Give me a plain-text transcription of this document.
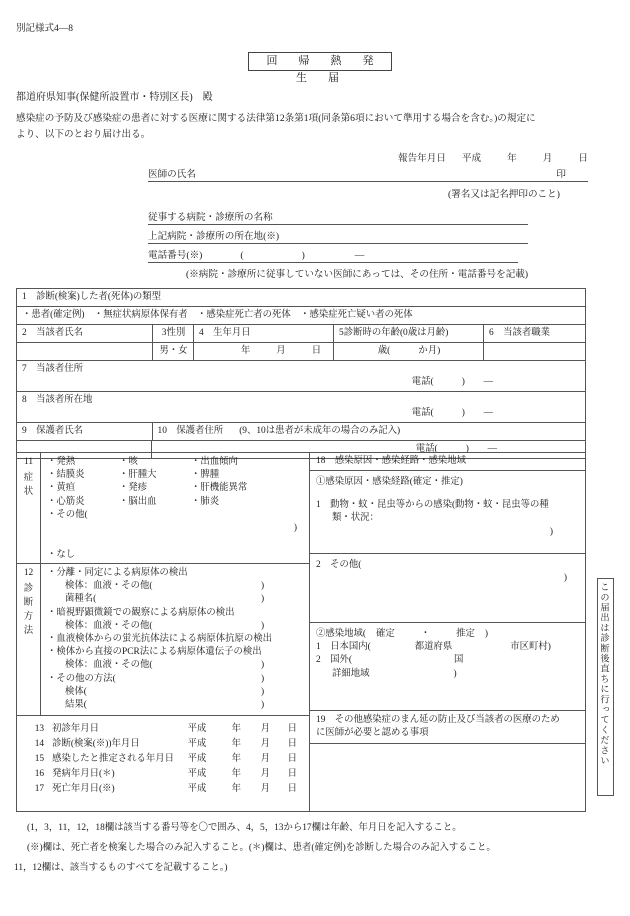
別記様式4—8
回　帰　熱　発　生　届
都道府県知事(保健所設置市・特別区長)　殿
感染症の予防及び感染症の患者に対する医療に関する法律第12条第1項(同条第6項において準用する場合を含む。)の規定に
より、以下のとおり届け出る。
報告年月日 平成	年	月	日
医師の氏名	印
(署名又は記名押印のこと)
従事する病院・診療所の名称
上記病院・診療所の所在地(※)
電話番号(※)	(	)	—
(※病院・診療所に従事していない医師にあっては、その住所・電話番号を記載)
1　診断(検案)した者(死体)の類型
・患者(確定例)　・無症状病原体保有者　・感染症死亡者の死体　・感染症死亡疑い者の死体
2　当該者氏名	3性別	4　生年月日	5診断時の年齢(0歳は月齢)	6　当該者職業

男・女	年	月	日	歳(　　　か月)

7　当該者住所
電話(　　　)　　—
8　当該者所在地
電話(　　　)　　—
9　保護者氏名	10　保護者住所 (9、10は患者が未成年の場合のみ記入)

電話(　　　)　　—
11
症
状
・発熱
・結膜炎
・黄疸
・心筋炎
・咳
・肝腫大
・発疹
・脳出血
・出血傾向
・脾腫
・肝機能異常
・肺炎
・その他(
)
・なし
12
診
断
方
法
・分離・同定による病原体の検出
検体：血液・その他(	)
菌種名(	)
・暗視野顕微鏡での観察による病原体の検出
検体：血液・その他(	)
・血液検体からの蛍光抗体法による病原体抗原の検出
・検体から直接のPCR法による病原体遺伝子の検出
検体：血液・その他(	)
・その他の方法(	)
検体(	)
結果(	)
13 初診年月日	平成	年	月	日
14 診断(検案(※))年月日	平成	年	月	日
15 感染したと推定される年月日	平成	年	月	日
16 発病年月日(＊)	平成	年	月	日
17 死亡年月日(※)	平成	年	月	日
18　感染原因・感染経路・感染地域
①感染原因・感染経路(確定・推定)
1　動物・蚊・昆虫等からの感染(動物・蚊・昆虫等の種
類・状況：
)
2　その他(
)
②感染地域( 確定	・	推定 )
1　日本国内(	都道府県	市区町村)
2　国外(	国
詳細地域	)
19　その他感染症のまん延の防止及び当該者の医療のため
に医師が必要と認める事項
	この届出は診断後直ちに行ってください
(1，3，11，12，18欄は該当する番号等を〇で囲み、4，5，13から17欄は年齢、年月日を記入すること。
(※)欄は、死亡者を検案した場合のみ記入すること。(＊)欄は、患者(確定例)を診断した場合のみ記入すること。
11，12欄は、該当するものすべてを記載すること。)
